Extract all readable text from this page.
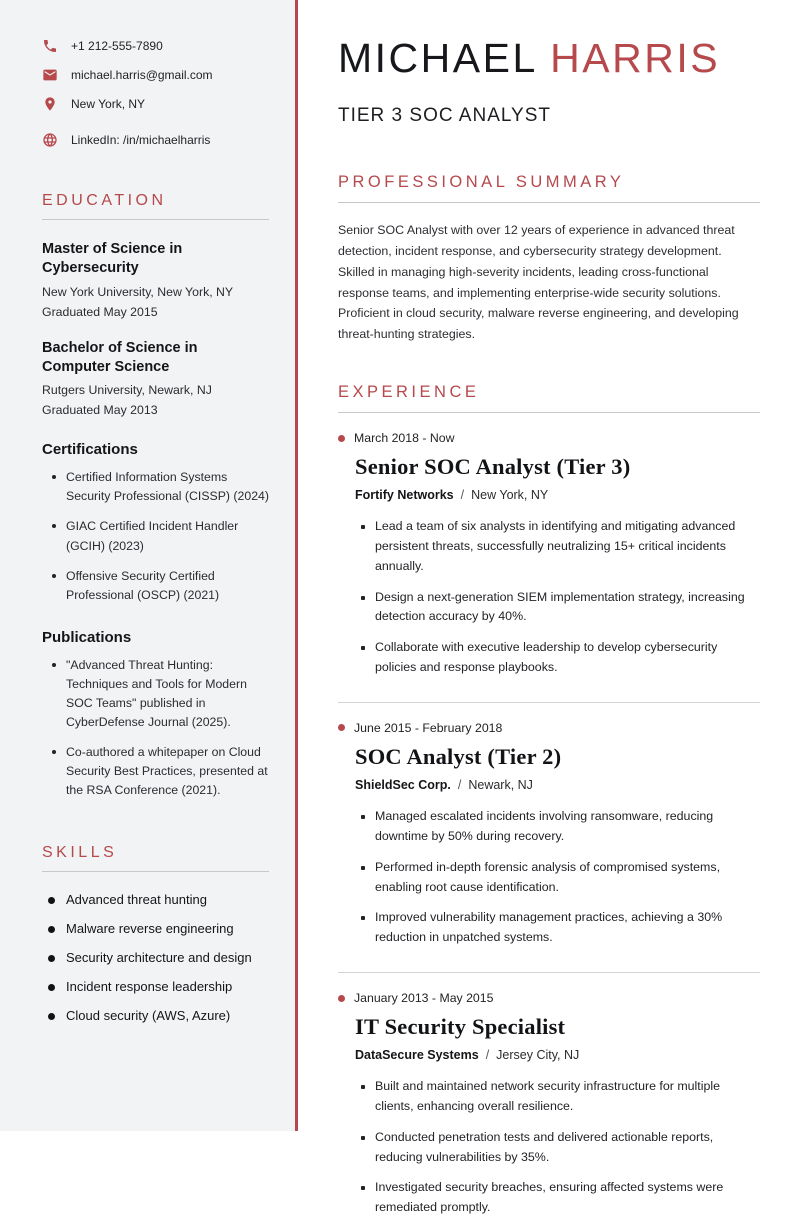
+1 212-555-7890
michael.harris@gmail.com
New York, NY
LinkedIn: /in/michaelharris
EDUCATION
Master of Science in Cybersecurity
New York University, New York, NY
Graduated May 2015
Bachelor of Science in Computer Science
Rutgers University, Newark, NJ
Graduated May 2013
Certifications
Certified Information Systems Security Professional (CISSP) (2024)
GIAC Certified Incident Handler (GCIH) (2023)
Offensive Security Certified Professional (OSCP) (2021)
Publications
"Advanced Threat Hunting: Techniques and Tools for Modern SOC Teams" published in CyberDefense Journal (2025).
Co-authored a whitepaper on Cloud Security Best Practices, presented at the RSA Conference (2021).
SKILLS
Advanced threat hunting
Malware reverse engineering
Security architecture and design
Incident response leadership
Cloud security (AWS, Azure)
MICHAEL HARRIS
TIER 3 SOC ANALYST
PROFESSIONAL SUMMARY

Senior SOC Analyst with over 12 years of experience in advanced threat detection, incident response, and cybersecurity strategy development. Skilled in managing high-severity incidents, leading cross-functional response teams, and implementing enterprise-wide security solutions. Proficient in cloud security, malware reverse engineering, and developing threat-hunting strategies.

EXPERIENCE
March 2018 - Now
Senior SOC Analyst (Tier 3)
Fortify Networks / New York, NY
Lead a team of six analysts in identifying and mitigating advanced persistent threats, successfully neutralizing 15+ critical incidents annually.
Design a next-generation SIEM implementation strategy, increasing detection accuracy by 40%.
Collaborate with executive leadership to develop cybersecurity policies and response playbooks.
June 2015 - February 2018
SOC Analyst (Tier 2)
ShieldSec Corp. / Newark, NJ
Managed escalated incidents involving ransomware, reducing downtime by 50% during recovery.
Performed in-depth forensic analysis of compromised systems, enabling root cause identification.
Improved vulnerability management practices, achieving a 30% reduction in unpatched systems.
January 2013 - May 2015
IT Security Specialist
DataSecure Systems / Jersey City, NJ
Built and maintained network security infrastructure for multiple clients, enhancing overall resilience.
Conducted penetration tests and delivered actionable reports, reducing vulnerabilities by 35%.
Investigated security breaches, ensuring affected systems were remediated promptly.
